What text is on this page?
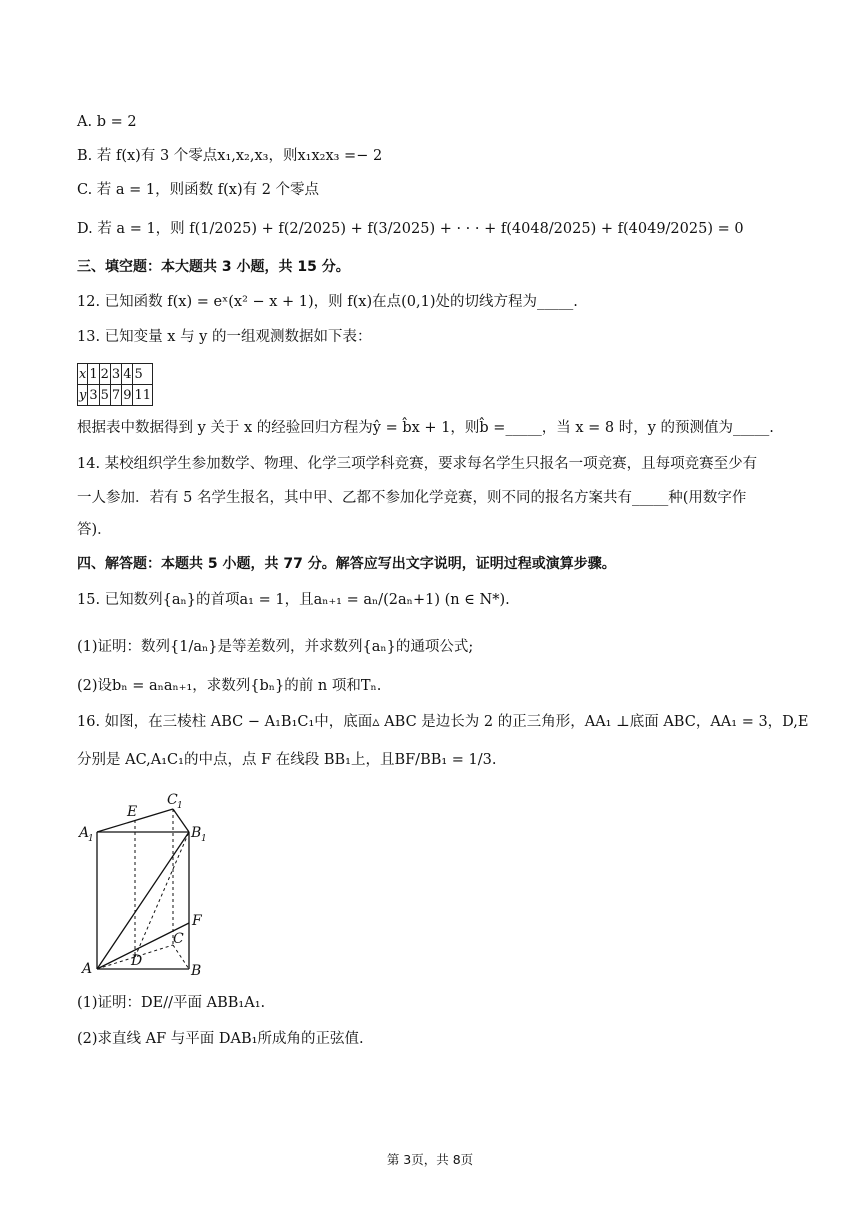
A. b = 2
B. 若 f(x)有 3 个零点x₁,x₂,x₃，则x₁x₂x₃ =− 2
C. 若 a = 1，则函数 f(x)有 2 个零点
D. 若 a = 1，则 f(1/2025) + f(2/2025) + f(3/2025) + · · · + f(4048/2025) + f(4049/2025) = 0
三、填空题：本大题共 3 小题，共 15 分。
12. 已知函数 f(x) = eˣ(x² − x + 1)，则 f(x)在点(0,1)处的切线方程为_____.
13. 已知变量 x 与 y 的一组观测数据如下表：
x	1	2	3	4	5
y	3	5	7	9	11
根据表中数据得到 y 关于 x 的经验回归方程为ŷ = b̂x + 1，则b̂ =_____，当 x = 8 时，y 的预测值为_____.
14. 某校组织学生参加数学、物理、化学三项学科竞赛，要求每名学生只报名一项竞赛，且每项竞赛至少有
一人参加．若有 5 名学生报名，其中甲、乙都不参加化学竞赛，则不同的报名方案共有_____种(用数字作
答)．
四、解答题：本题共 5 小题，共 77 分。解答应写出文字说明，证明过程或演算步骤。
15. 已知数列{aₙ}的首项a₁ = 1，且aₙ₊₁ = aₙ/(2aₙ+1) (n ∈ N*).
(1)证明：数列{1/aₙ}是等差数列，并求数列{aₙ}的通项公式;
(2)设bₙ = aₙaₙ₊₁，求数列{bₙ}的前 n 项和Tₙ.
16. 如图，在三棱柱 ABC − A₁B₁C₁中，底面▵ ABC 是边长为 2 的正三角形，AA₁ ⊥底面 ABC，AA₁ = 3，D,E
分别是 AC,A₁C₁的中点，点 F 在线段 BB₁上，且BF/BB₁ = 1/3.
A
1
E
C 1
B 1
F
C
D
A	B
(1)证明：DE//平面 ABB₁A₁.
(2)求直线 AF 与平面 DAB₁所成角的正弦值.
第 3页，共 8页
